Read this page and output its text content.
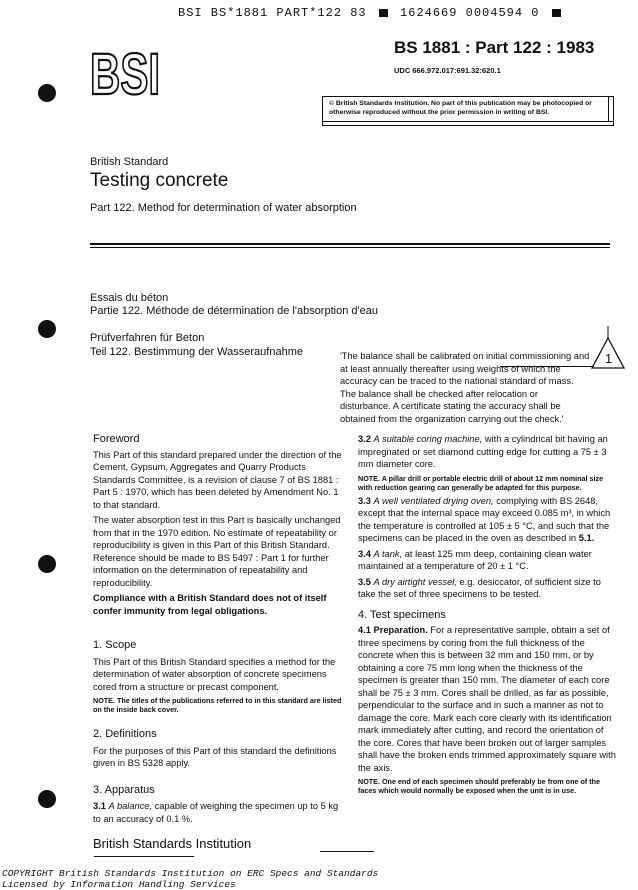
BSI BS*1881 PART*122 83	1624669 0004594 0
BSI	BS 1881 : Part 122 : 1983
UDC 666.972.017:691.32:620.1
© British Standards Institution. No part of this publication may be photocopied or otherwise reproduced without the prior permission in writing of BSI.
British Standard
Testing concrete
Part 122. Method for determination of water absorption
Essais du béton
Partie 122. Méthode de détermination de l'absorption d'eau
Prüfverfahren für Beton
Teil 122. Bestimmung der Wasseraufnahme	'The balance shall be calibrated on initial commissioning and at least annually thereafter using weights of which the accuracy can be traced to the national standard of mass. The balance shall be checked after relocation or disturbance. A certificate stating the accuracy shall be obtained from the organization carrying out the check.'
1
Foreword

This Part of this standard prepared under the direction of the Cement, Gypsum, Aggregates and Quarry Products Standards Committee, is a revision of clause 7 of BS 1881 : Part 5 : 1970, which has been deleted by Amendment No. 1 to that standard.

The water absorption test in this Part is basically unchanged from that in the 1970 edition. No estimate of repeatability or reproducibility is given in this Part of this British Standard. Reference should be made to BS 5497 : Part 1 for further information on the determination of repeatability and reproducibility.

Compliance with a British Standard does not of itself confer immunity from legal obligations.

1. Scope

This Part of this British Standard specifies a method for the determination of water absorption of concrete specimens cored from a structure or precast component.

NOTE. The titles of the publications referred to in this standard are listed on the inside back cover.

2. Definitions

For the purposes of this Part of this standard the definitions given in BS 5328 apply.

3. Apparatus

3.1 A balance, capable of weighing the specimen up to 5 kg to an accuracy of 0.1 %.

3.2 A suitable coring machine, with a cylindrical bit having an impregnated or set diamond cutting edge for cutting a 75 ± 3 mm diameter core.

NOTE. A pillar drill or portable electric drill of about 12 mm nominal size with reduction gearing can generally be adapted for this purpose.

3.3 A well ventilated drying oven, complying with BS 2648, except that the internal space may exceed 0.085 m³, in which the temperature is controlled at 105 ± 5 °C, and such that the specimens can be placed in the oven as described in 5.1.

3.4 A tank, at least 125 mm deep, containing clean water maintained at a temperature of 20 ± 1 °C.

3.5 A dry airtight vessel, e.g. desiccator, of sufficient size to take the set of three specimens to be tested.

4. Test specimens

4.1 Preparation. For a representative sample, obtain a set of three specimens by coring from the full thickness of the concrete when this is between 32 mm and 150 mm, or by obtaining a core 75 mm long when the thickness of the specimen is greater than 150 mm. The diameter of each core shall be 75 ± 3 mm. Cores shall be drilled, as far as possible, perpendicular to the surface and in such a manner as not to damage the core. Mark each core clearly with its identification mark immediately after cutting, and record the orientation of the core. Cores that have been broken out of larger samples shall have the broken ends trimmed approximately square with the axis.

NOTE. One end of each specimen should preferably be from one of the faces which would normally be exposed when the unit is in use.

British Standards Institution
COPYRIGHT British Standards Institution on ERC Specs and Standards
Licensed by Information Handling Services
